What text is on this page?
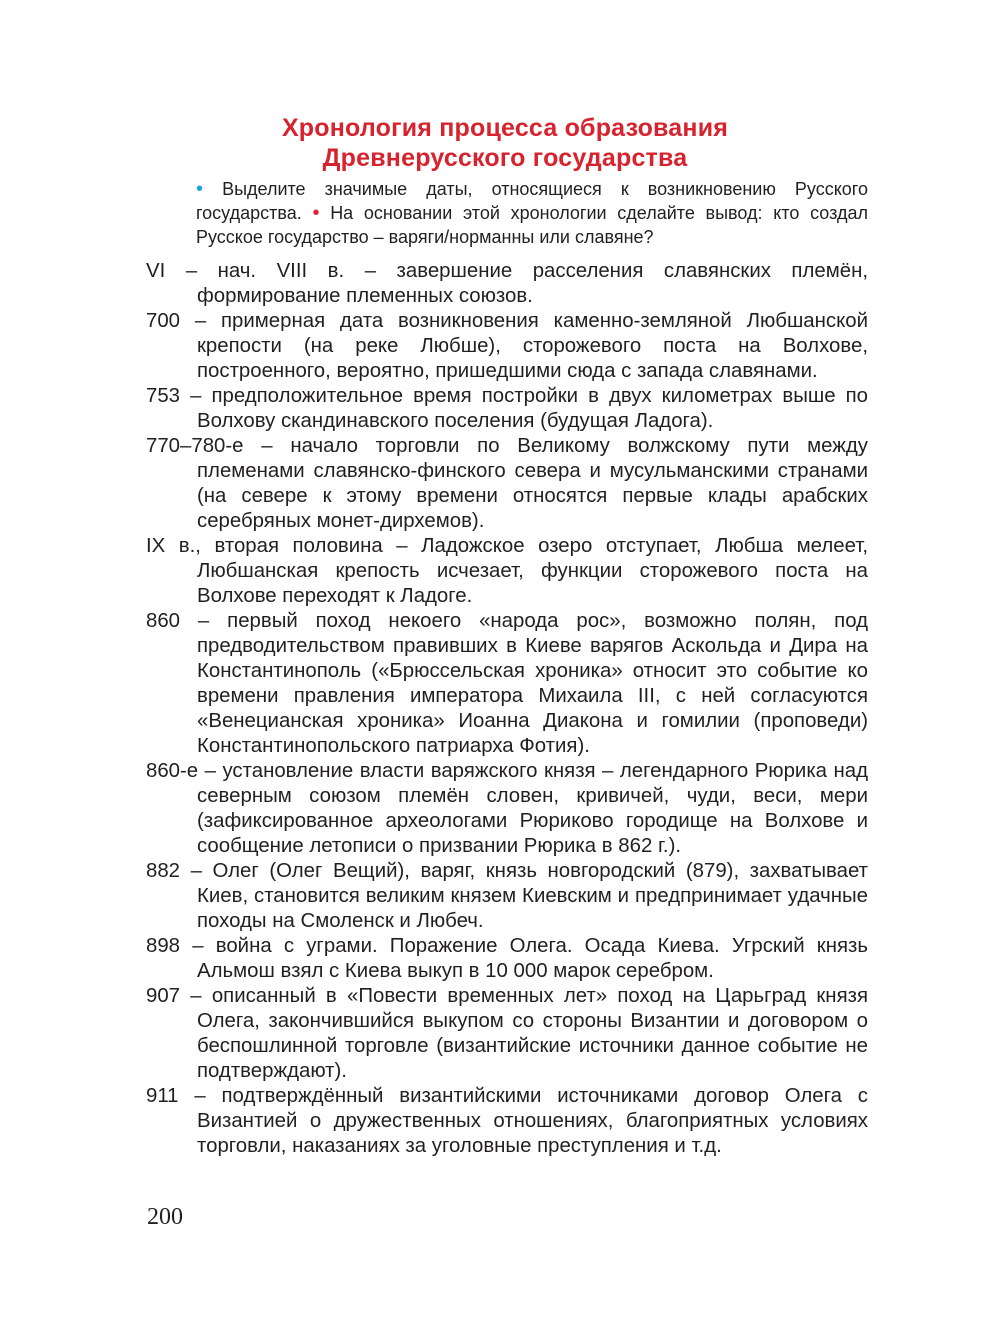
Хронология процесса образования
Древнерусского государства
• Выделите значимые даты, относящиеся к возникновению Русского государства. • На основании этой хронологии сделайте вывод: кто создал Русское государство – варяги/норманны или славяне?
VI – нач. VIII в. – завершение расселения славянских племён, формирование племенных союзов.
700 – примерная дата возникновения каменно-земляной Любшанской крепости (на реке Любше), сторожевого поста на Волхове, построенного, вероятно, пришедшими сюда с запада славянами.
753 – предположительное время постройки в двух километрах выше по Волхову скандинавского поселения (будущая Ладога).
770–780-е – начало торговли по Великому волжскому пути между племенами славянско-финского севера и мусульманскими странами (на севере к этому времени относятся первые клады арабских серебряных монет-дирхемов).
IX в., вторая половина – Ладожское озеро отступает, Любша мелеет, Любшанская крепость исчезает, функции сторожевого поста на Волхове переходят к Ладоге.
860 – первый поход некоего «народа рос», возможно полян, под предводительством правивших в Киеве варягов Аскольда и Дира на Константинополь («Брюссельская хроника» относит это событие ко времени правления императора Михаила III, с ней согласуются «Венецианская хроника» Иоанна Диакона и гомилии (проповеди) Константинопольского патриарха Фотия).
860-е – установление власти варяжского князя – легендарного Рюрика над северным союзом племён словен, кривичей, чуди, веси, мери (зафиксированное археологами Рюриково городище на Волхове и сообщение летописи о призвании Рюрика в 862 г.).
882 – Олег (Олег Вещий), варяг, князь новгородский (879), захватывает Киев, становится великим князем Киевским и предпринимает удачные походы на Смоленск и Любеч.
898 – война с уграми. Поражение Олега. Осада Киева. Угрский князь Альмош взял с Киева выкуп в 10 000 марок серебром.
907 – описанный в «Повести временных лет» поход на Царьград князя Олега, закончившийся выкупом со стороны Византии и договором о беспошлинной торговле (византийские источники данное событие не подтверждают).
911 – подтверждённый византийскими источниками договор Олега с Византией о дружественных отношениях, благоприятных условиях торговли, наказаниях за уголовные преступления и т.д.
200
